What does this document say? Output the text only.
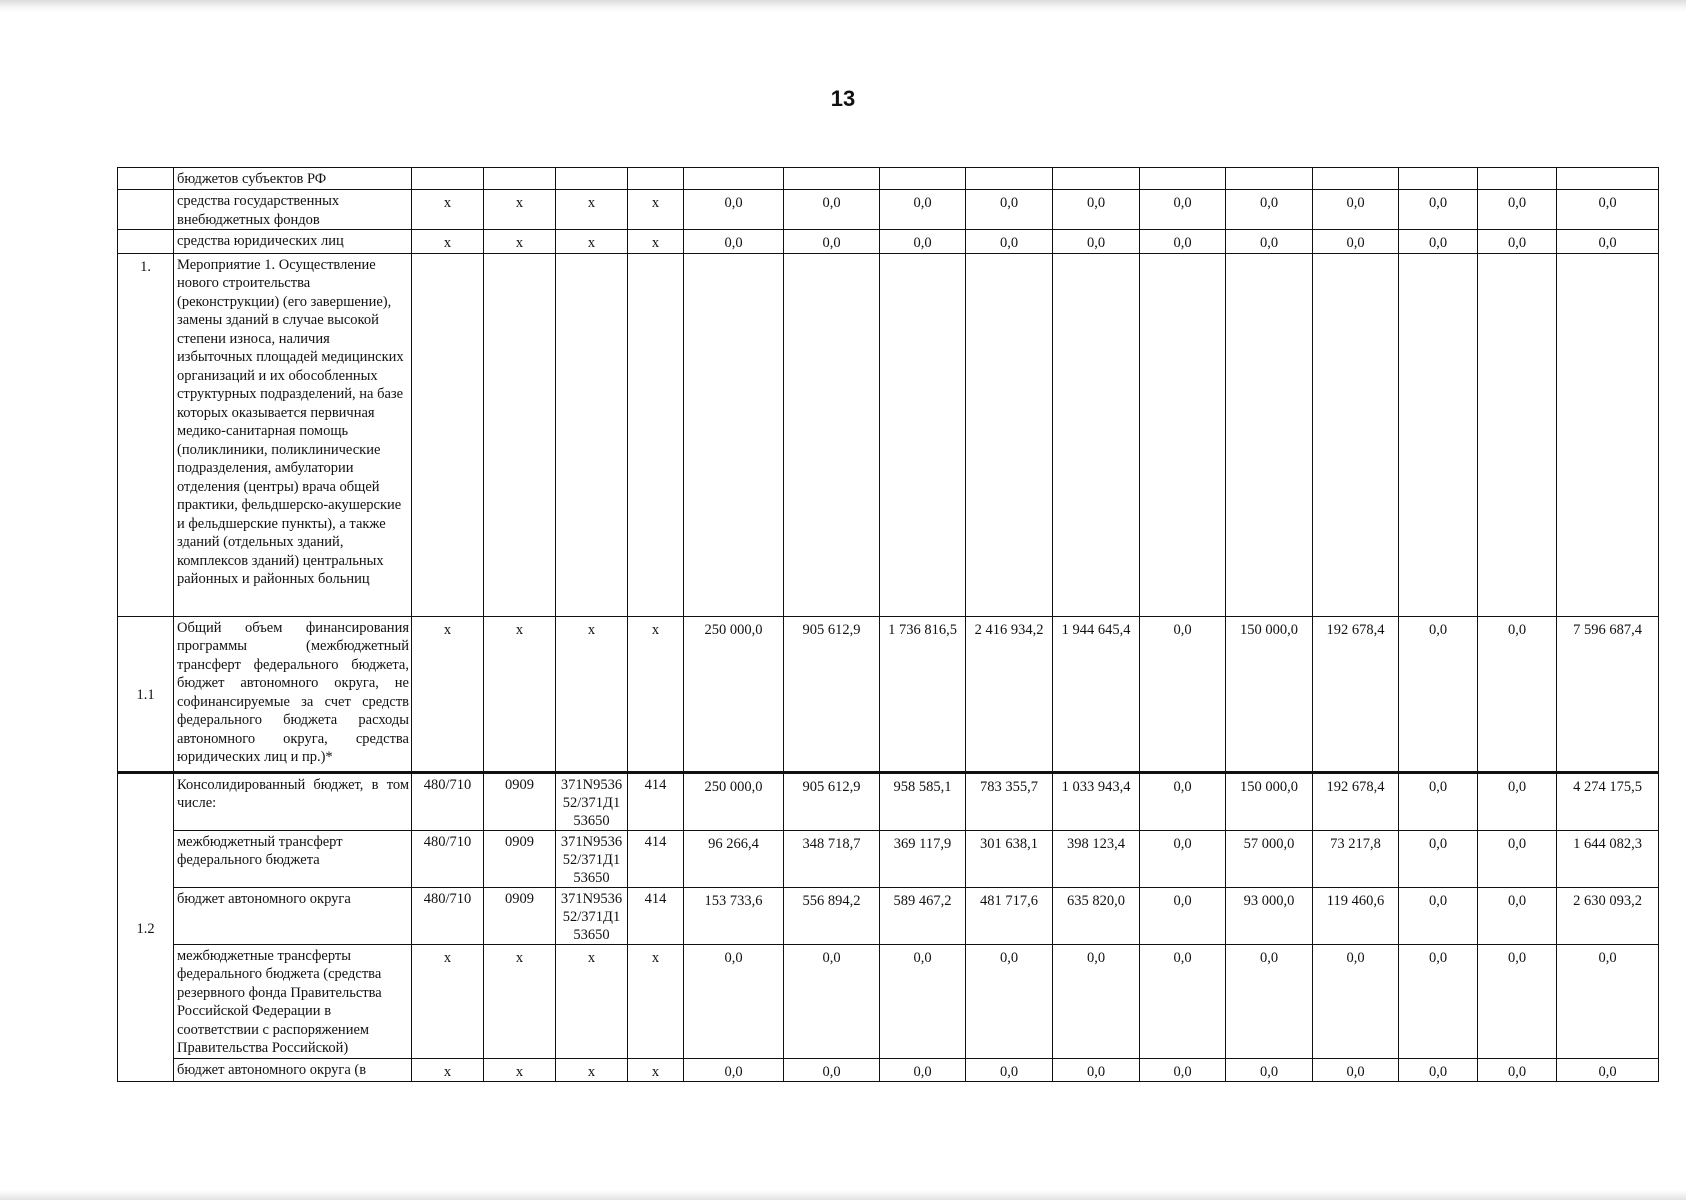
13
	бюджетов субъектов РФ															
	средства государственных внебюджетных фондов	x	x	x	x	0,0	0,0	0,0	0,0	0,0	0,0	0,0	0,0	0,0	0,0	0,0
	средства юридических лиц	x	x	x	x	0,0	0,0	0,0	0,0	0,0	0,0	0,0	0,0	0,0	0,0	0,0
1.	Мероприятие 1. Осуществление нового строительства (реконструкции) (его завершение), замены зданий в случае высокой степени износа, наличия избыточных площадей медицинских организаций и их обособленных структурных подразделений, на базе которых оказывается первичная медико-санитарная помощь (поликлиники, поликлинические подразделения, амбулатории отделения (центры) врача общей практики, фельдшерско-акушерские и фельдшерские пункты), а также зданий (отдельных зданий, комплексов зданий) центральных районных и районных больниц															
1.1	Общий объем финансирования программы (межбюджетный трансферт федерального бюджета, бюджет автономного округа, не софинансируемые за счет средств федерального бюджета расходы автономного округа, средства юридических лиц и пр.)*	x	x	x	x	250 000,0	905 612,9	1 736 816,5	2 416 934,2	1 944 645,4	0,0	150 000,0	192 678,4	0,0	0,0	7 596 687,4
1.2	Консолидированный бюджет, в том числе:	480/710	0909	371N9536 52/371Д1 53650	414	250 000,0	905 612,9	958 585,1	783 355,7	1 033 943,4	0,0	150 000,0	192 678,4	0,0	0,0	4 274 175,5
	межбюджетный трансферт федерального бюджета	480/710	0909	371N9536 52/371Д1 53650	414	96 266,4	348 718,7	369 117,9	301 638,1	398 123,4	0,0	57 000,0	73 217,8	0,0	0,0	1 644 082,3
	бюджет автономного округа	480/710	0909	371N9536 52/371Д1 53650	414	153 733,6	556 894,2	589 467,2	481 717,6	635 820,0	0,0	93 000,0	119 460,6	0,0	0,0	2 630 093,2
	межбюджетные трансферты федерального бюджета (средства резервного фонда Правительства Российской Федерации в соответствии с распоряжением Правительства Российской)	x	x	x	x	0,0	0,0	0,0	0,0	0,0	0,0	0,0	0,0	0,0	0,0	0,0
	бюджет автономного округа (в	x	x	x	x	0,0	0,0	0,0	0,0	0,0	0,0	0,0	0,0	0,0	0,0	0,0
